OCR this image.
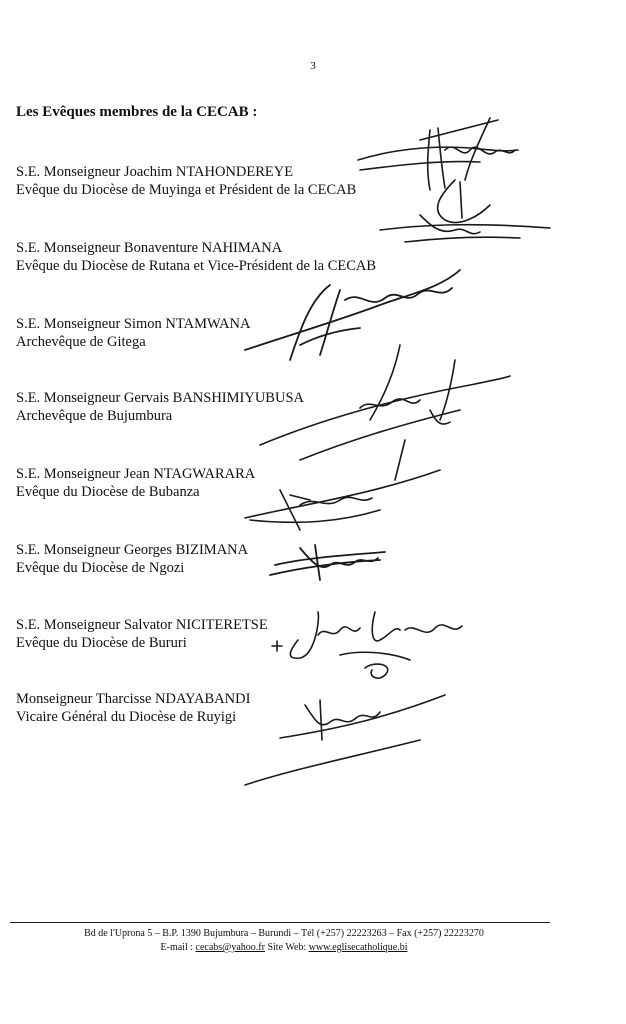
3
Les Evêques membres de la CECAB :
S.E. Monseigneur Joachim NTAHONDEREYE
Evêque du Diocèse de Muyinga et Président de la CECAB
S.E. Monseigneur Bonaventure NAHIMANA
Evêque du Diocèse de Rutana et Vice-Président de la CECAB
S.E. Monseigneur Simon NTAMWANA
Archevêque de Gitega
S.E. Monseigneur Gervais BANSHIMIYUBUSA
Archevêque de Bujumbura
S.E. Monseigneur Jean NTAGWARARA
Evêque du Diocèse de Bubanza
S.E. Monseigneur Georges BIZIMANA
Evêque du Diocèse de Ngozi
S.E. Monseigneur Salvator NICITERETSE
Evêque du Diocèse de Bururi
Monseigneur Tharcisse NDAYABANDI
Vicaire Général du Diocèse de Ruyigi
Bd de l'Uprona 5 – B.P. 1390 Bujumbura – Burundi – Tél (+257) 22223263 – Fax (+257) 22223270
E-mail : cecabs@yahoo.fr Site Web: www.eglisecatholique.bi
